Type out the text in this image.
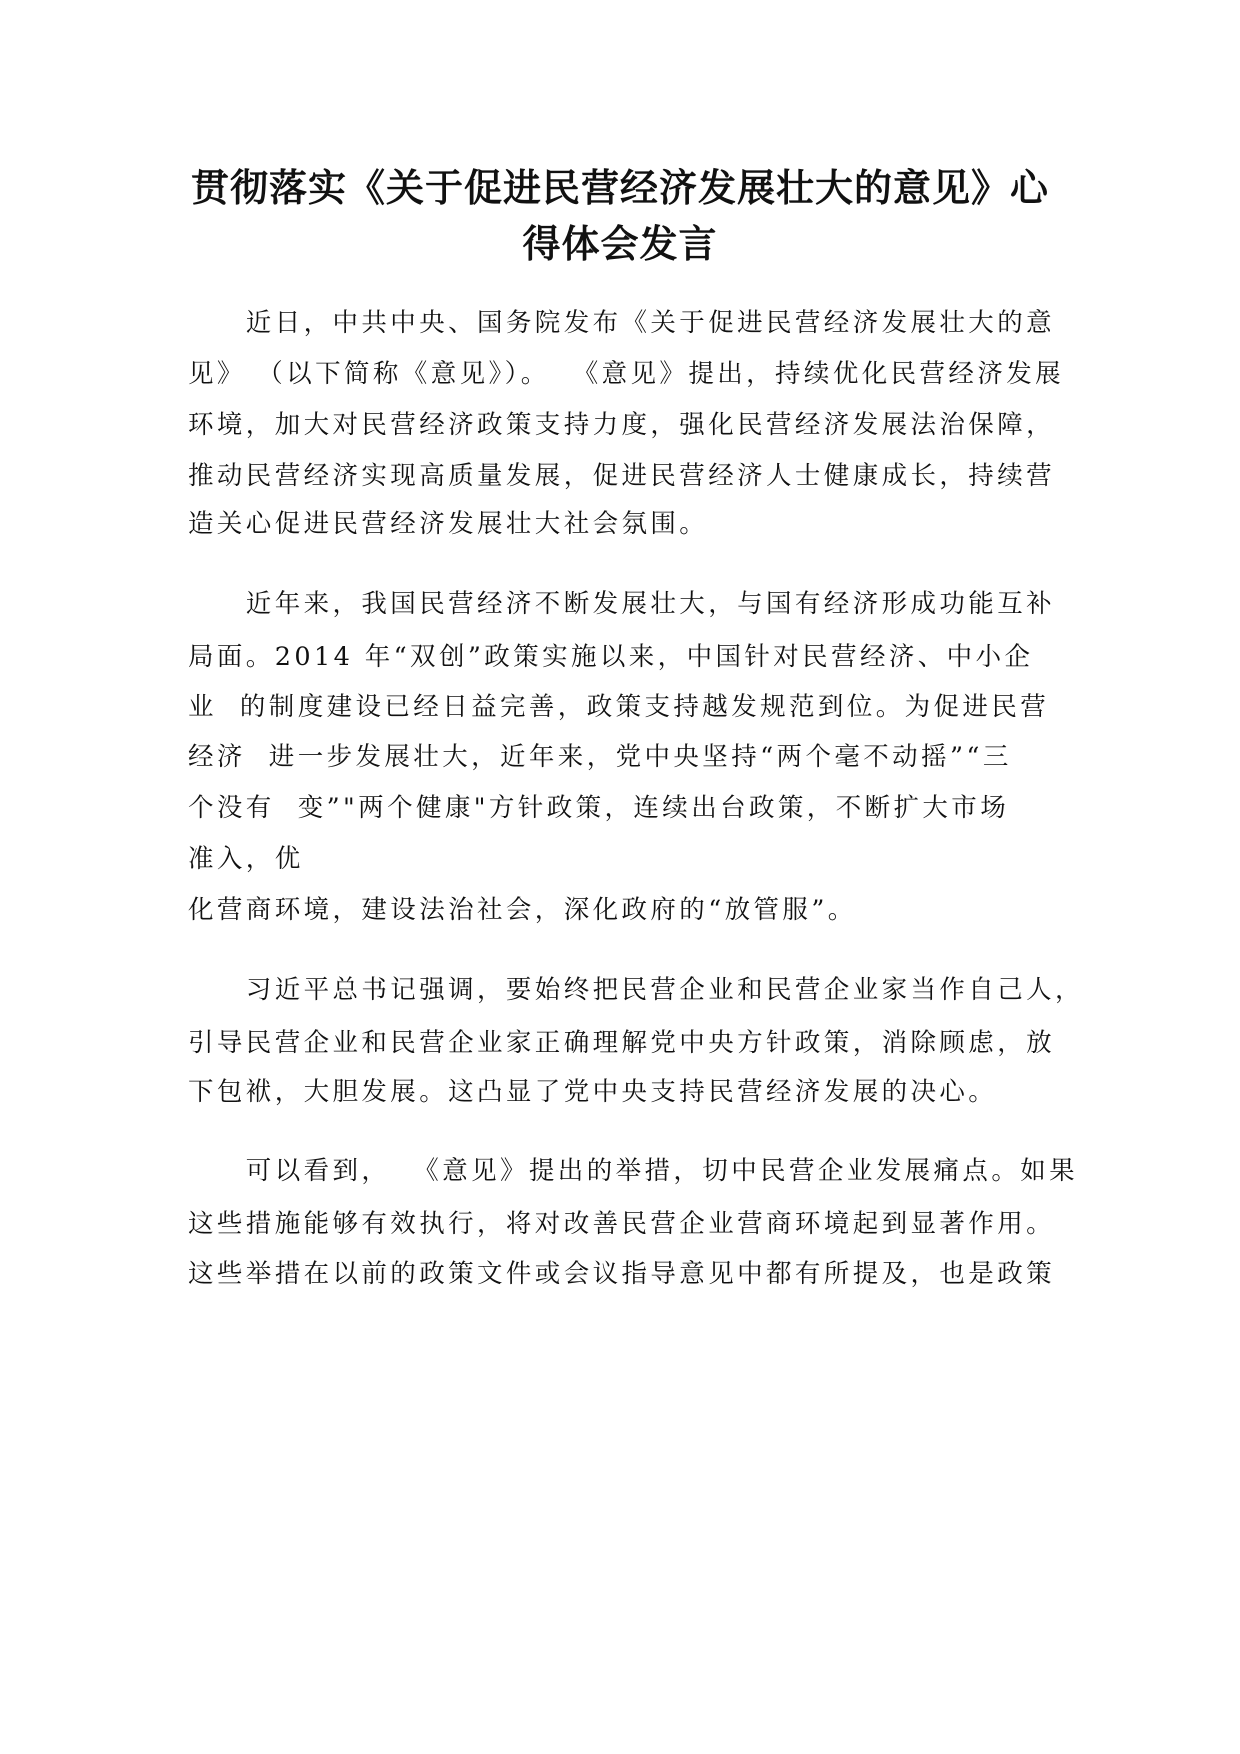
贯彻落实《关于促进民营经济发展壮大的意见》心
得体会发言
　　近日，中共中央、国务院发布《关于促进民营经济发展壮大的意
见》 （以下简称《意见》）。  《意见》提出，持续优化民营经济发展
环境，加大对民营经济政策支持力度，强化民营经济发展法治保障，
推动民营经济实现高质量发展，促进民营经济人士健康成长，持续营
造关心促进民营经济发展壮大社会氛围。
　　近年来，我国民营经济不断发展壮大，与国有经济形成功能互补
局面。2014 年“双创”政策实施以来，中国针对民营经济、中小企
业  的制度建设已经日益完善，政策支持越发规范到位。为促进民营
经济  进一步发展壮大，近年来，党中央坚持“两个毫不动摇”“三
个没有  变”"两个健康"方针政策，连续出台政策，不断扩大市场
准入，优
化营商环境，建设法治社会，深化政府的“放管服”。
　　习近平总书记强调，要始终把民营企业和民营企业家当作自己人，
引导民营企业和民营企业家正确理解党中央方针政策，消除顾虑，放
下包袱，大胆发展。这凸显了党中央支持民营经济发展的决心。
　　可以看到，  《意见》提出的举措，切中民营企业发展痛点。如果
这些措施能够有效执行，将对改善民营企业营商环境起到显著作用。
这些举措在以前的政策文件或会议指导意见中都有所提及，也是政策
